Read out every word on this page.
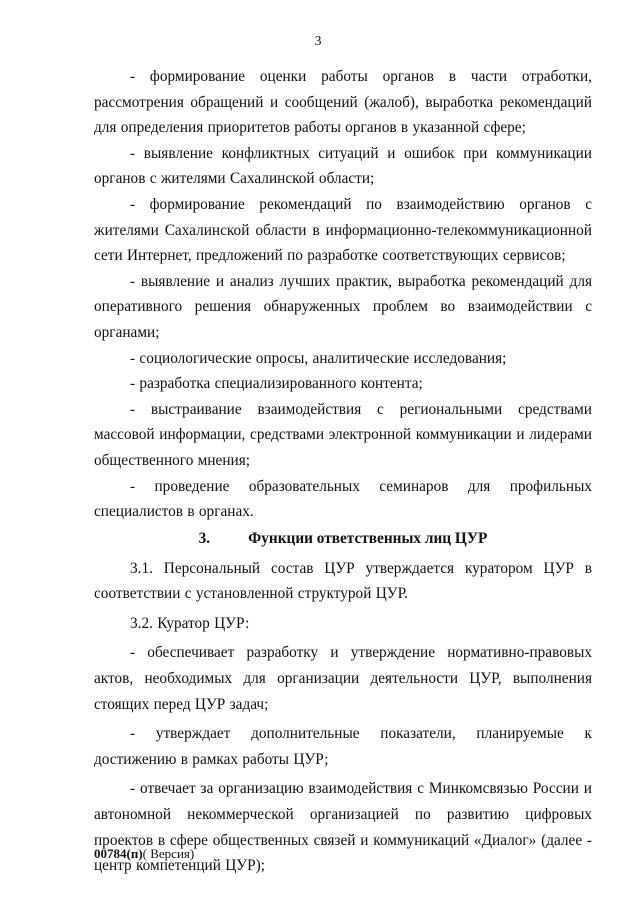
3

- формирование оценки работы органов в части отработки, рассмотрения обращений и сообщений (жалоб), выработка рекомендаций для определения приоритетов работы органов в указанной сфере;

- выявление конфликтных ситуаций и ошибок при коммуникации органов с жителями Сахалинской области;

- формирование рекомендаций по взаимодействию органов с жителями Сахалинской области в информационно-телекоммуникационной сети Интернет, предложений по разработке соответствующих сервисов;

- выявление и анализ лучших практик, выработка рекомендаций для оперативного решения обнаруженных проблем во взаимодействии с органами;

- социологические опросы, аналитические исследования;

- разработка специализированного контента;

- выстраивание взаимодействия с региональными средствами массовой информации, средствами электронной коммуникации и лидерами общественного мнения;

- проведение образовательных семинаров для профильных специалистов в органах.

3. Функции ответственных лиц ЦУР

3.1. Персональный состав ЦУР утверждается куратором ЦУР в соответствии с установленной структурой ЦУР.

3.2. Куратор ЦУР:

- обеспечивает разработку и утверждение нормативно-правовых актов, необходимых для организации деятельности ЦУР, выполнения стоящих перед ЦУР задач;

- утверждает дополнительные показатели, планируемые к достижению в рамках работы ЦУР;

- отвечает за организацию взаимодействия с Минкомсвязью России и автономной некоммерческой организацией по развитию цифровых проектов в сфере общественных связей и коммуникаций «Диалог» (далее - центр компетенций ЦУР);

00784(п)( Версия)
